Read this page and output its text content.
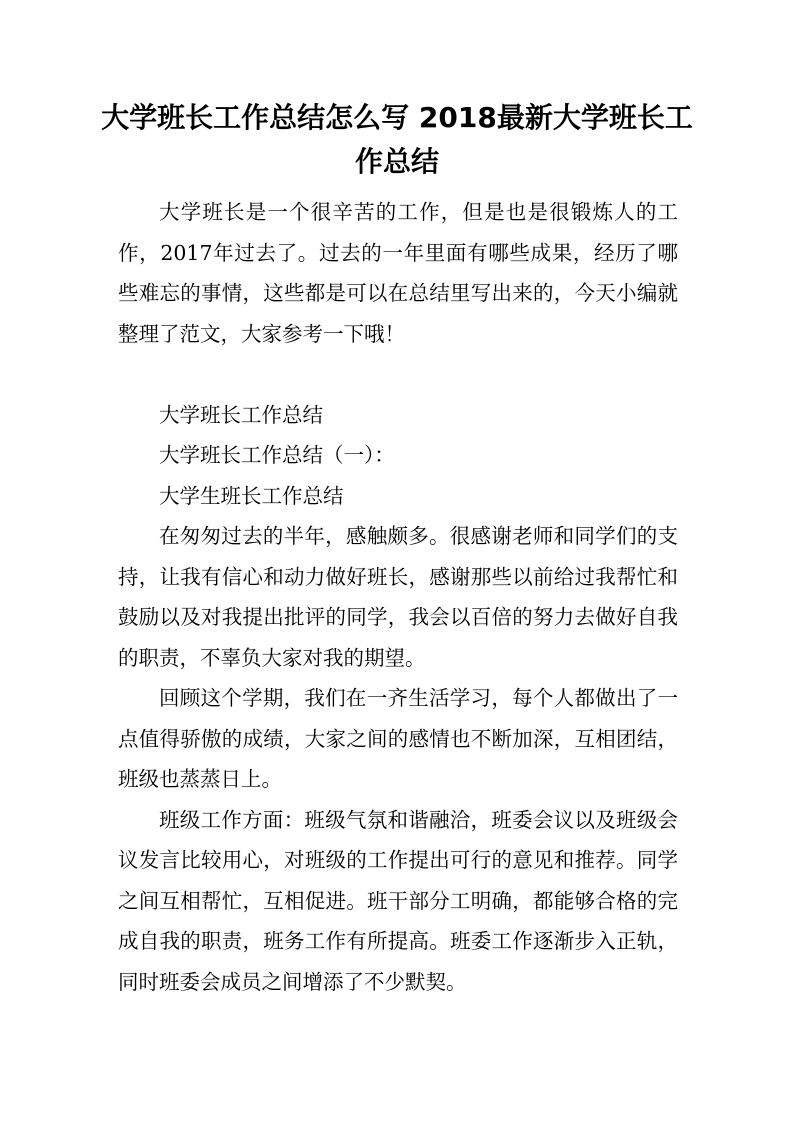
大学班长工作总结怎么写 2018最新大学班长工作总结

大学班长是一个很辛苦的工作，但是也是很锻炼人的工作，2017年过去了。过去的一年里面有哪些成果，经历了哪些难忘的事情，这些都是可以在总结里写出来的，今天小编就整理了范文，大家参考一下哦！

大学班长工作总结

大学班长工作总结（一）：

大学生班长工作总结

在匆匆过去的半年，感触颇多。很感谢老师和同学们的支持，让我有信心和动力做好班长，感谢那些以前给过我帮忙和鼓励以及对我提出批评的同学，我会以百倍的努力去做好自我的职责，不辜负大家对我的期望。

回顾这个学期，我们在一齐生活学习，每个人都做出了一点值得骄傲的成绩，大家之间的感情也不断加深，互相团结，班级也蒸蒸日上。

班级工作方面：班级气氛和谐融洽，班委会议以及班级会议发言比较用心，对班级的工作提出可行的意见和推荐。同学之间互相帮忙，互相促进。班干部分工明确，都能够合格的完成自我的职责，班务工作有所提高。班委工作逐渐步入正轨，同时班委会成员之间增添了不少默契。
